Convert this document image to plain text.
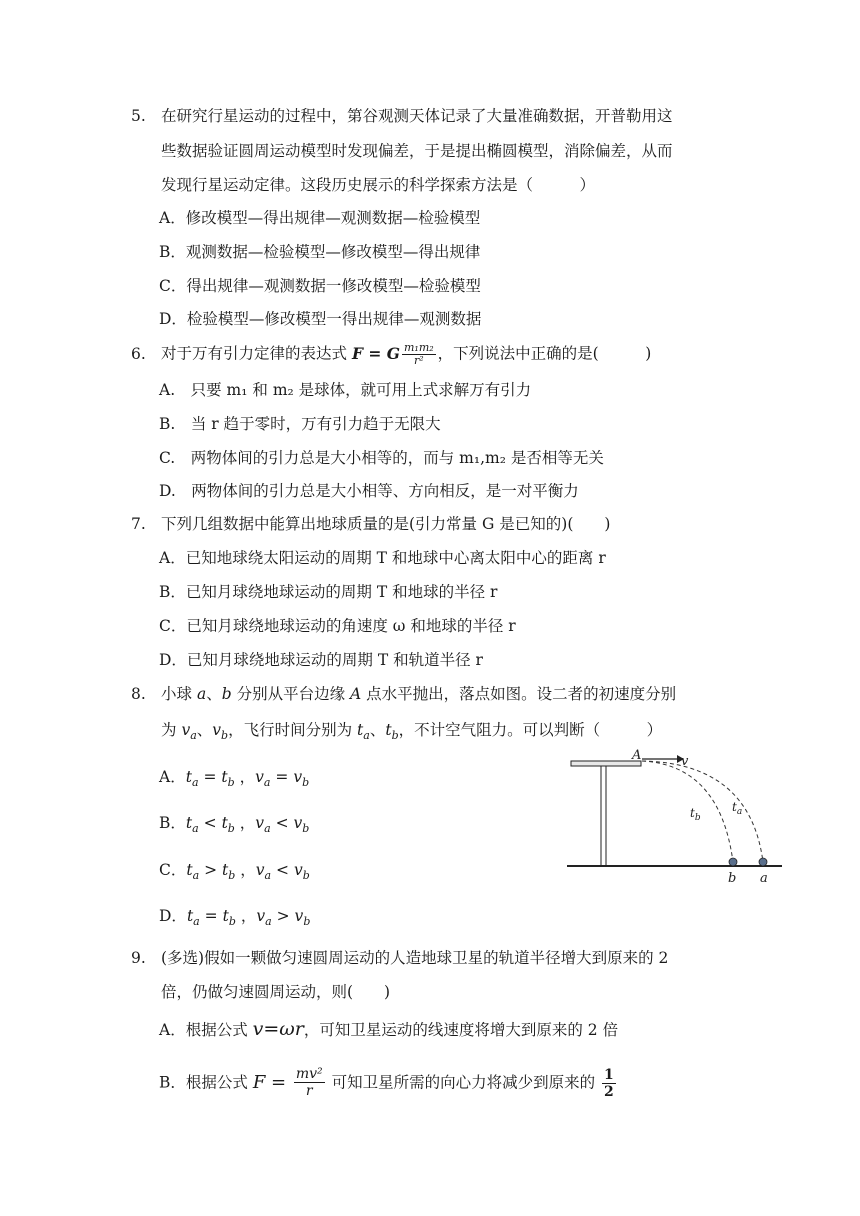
5. 在研究行星运动的过程中，第谷观测天体记录了大量准确数据，开普勒用这
些数据验证圆周运动模型时发现偏差，于是提出椭圆模型，消除偏差，从而
发现行星运动定律。这段历史展示的科学探索方法是（　　　）
A．修改模型—得出规律—观测数据—检验模型
B．观测数据—检验模型—修改模型—得出规律
C．得出规律—观测数据一修改模型—检验模型
D．检验模型—修改模型一得出规律—观测数据
6. 对于万有引力定律的表达式 F = G $\frac{\text{m₁m₂}}{\text{r²}}$ ，下列说法中正确的是(　　　)
A.　只要 m₁ 和 m₂ 是球体，就可用上式求解万有引力
B.　当 r 趋于零时，万有引力趋于无限大
C.　两物体间的引力总是大小相等的，而与 m₁,m₂ 是否相等无关
D.　两物体间的引力总是大小相等、方向相反，是一对平衡力
7. 下列几组数据中能算出地球质量的是(引力常量 G 是已知的)(　　)
A．已知地球绕太阳运动的周期 T 和地球中心离太阳中心的距离 r
B．已知月球绕地球运动的周期 T 和地球的半径 r
C．已知月球绕地球运动的角速度 ω 和地球的半径 r
D．已知月球绕地球运动的周期 T 和轨道半径 r
8. 小球 a、b 分别从平台边缘 A 点水平抛出，落点如图。设二者的初速度分别
为 $v_a$、$v_b$，飞行时间分别为 $t_a$、$t_b$，不计空气阻力。可以判断（　　　）
A．$t_a = t_b$ ，$v_a = v_b$
B．$t_a < t_b$ ，$v_a < v_b$
C．$t_a > t_b$ ，$v_a < v_b$
D．$t_a = t_b$ ，$v_a > v_b$
A	v
$t_b$
$t_a$
b a
9. (多选)假如一颗做匀速圆周运动的人造地球卫星的轨道半径增大到原来的 2
倍，仍做匀速圆周运动，则(　　)
A．根据公式 v=ωr，可知卫星运动的线速度将增大到原来的 2 倍
B．根据公式 $F = \frac{\text{mv²}}{r}$ 可知卫星所需的向心力将减少到原来的 $\frac{1}{2}$
